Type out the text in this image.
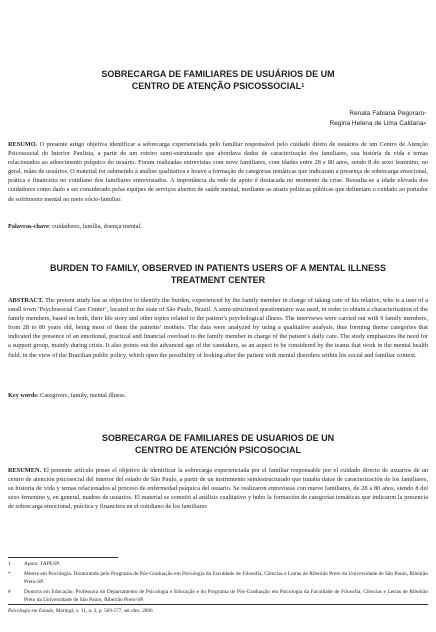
SOBRECARGA DE FAMILIARES DE USUÁRIOS DE UM
CENTRO DE ATENÇÃO PSICOSSOCIAL$^1$
Renata Fabiana Pegoraro*
Regina Helena de Lima Caldana#

RESUMO. O presente artigo objetiva identificar a sobrecarga experienciada pelo familiar responsável pelo cuidado direto de usuários de um Centro de Atenção Psicossocial do Interior Paulista, a partir de um roteiro semi-estruturado que abordava dados de caracterização dos familiares, sua história de vida e temas relacionados ao adoecimento psíquico do usuário. Foram realizadas entrevistas com nove familiares, com idades entre 28 e 80 anos, sendo 8 do sexo feminino, no geral, mães de usuários. O material foi submetido à análise qualitativa e houve a formação de categorias temáticas que indicaram a presença de sobrecarga emocional, prática e financeira no cotidiano dos familiares entrevistados. A importância da rede de apoio é destacada no momento da crise. Ressalta-se a idade elevada dos cuidadores como dado a ser considerado pelas equipes de serviços abertos de saúde mental, mediante as atuais políticas públicas que delineiam o cuidado ao portador de sofrimento mental no meio sócio-familiar.

Palavras-chave: cuidadores, família, doença mental.

BURDEN TO FAMILY, OBSERVED IN PATIENTS USERS OF A MENTAL ILLNESS
TREATMENT CENTER

ABSTRACT. The present study has as objective to identify the burden, experienced by the family member in charge of taking care of his relative, who is a user of a small town ‘Psychosocial Care Center’, located in the state of São Paulo, Brazil. A semi-structured questionnaire was used, in order to obtain a characterization of the family members, based on both, their life story and other topics related to the patient’s psychological illness. The interviews were carried out with 9 family members, from 28 to 80 years old, being most of them the patients’ mothers. The data were analyzed by using a qualitative analysis, thus forming theme categories that indicated the presence of an emotional, practical and financial overload to the family member in charge of the patient’s daily care. The study emphasizes the need for a support group, mainly during crisis. It also points out the advanced age of the caretakers, as an aspect to be considered by the teams that work in the mental health field, in the view of the Brazilian public policy, which open the possibility of looking after the patient with mental disorders within his social and familiar context.

Key words: Caregivers, family, mental illness.

SOBRECARGA DE FAMILIARES DE USUARIOS DE UN
CENTRO DE ATENCIÓN PSICOSOCIAL

RESUMEN. El presente artículo posee el objetivo de identificar la sobrecarga experienciada por el familiar responsable por el cuidado directo de usuarios de un centro de atención psicosocial del interior del estado de São Paulo, a partir de un instrumento semiestructurado que trataba datos de caracterización de los familiares, su historia de vida y temas relacionados al proceso de enfermedad psíquica del usuario. Se realizaron entrevistas con nueve familiares, de 28 a 80 años, siendo 8 del sexo femenino y, en general, madres de usuarios. El material se sometió al análisis cualitativo y hubo la formación de categorías temáticas que indicaron la presencia de sobrecarga emocional, práctica y financiera en el cotidiano de los familiares

1	Apoio: FAPESP.
*	Mestre em Psicologia. Doutoranda pelo Programa de Pós-Graduação em Psicologia da Faculdade de Filosofia, Ciências e Letras de Ribeirão Preto da Universidade de São Paulo, Ribeirão Preto-SP.
#	Doutora em Educação. Professora do Departamento de Psicologia e Educação e do Programa de Pós-Graduação em Psicologia da Faculdade de Filosofia, Ciências e Letras de Ribeirão Preto da Universidade de São Paulo, Ribeirão Preto-SP.
Psicologia em Estudo, Maringá, v. 11, n. 3, p. 569-577, set./dez. 2006
